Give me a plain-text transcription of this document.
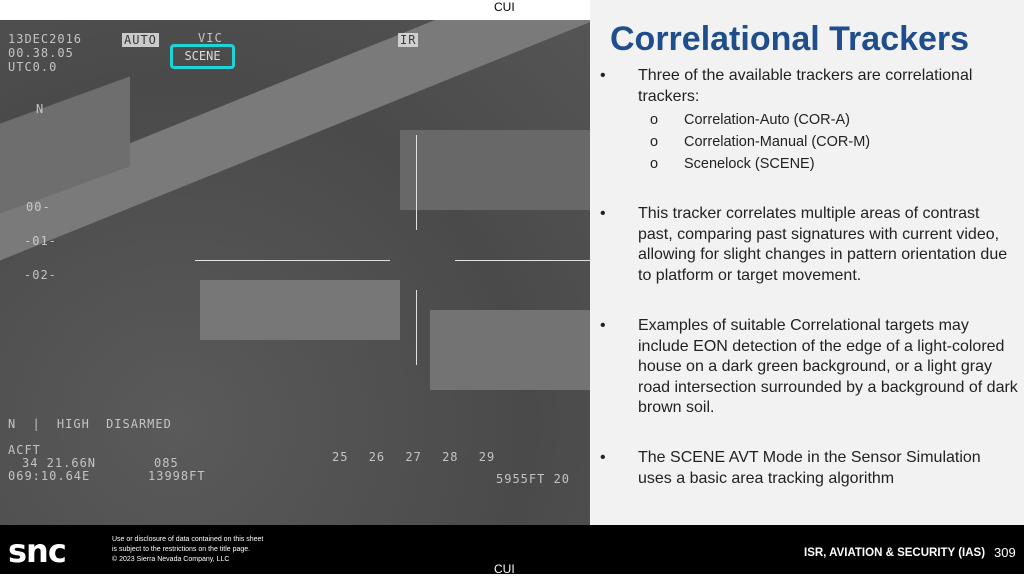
CUI
13DEC2016
00.38.05
UTC0.0
AUTO	VIC
SCENE
IR
N
00-
-01-
-02-
N | HIGH DISARMED
ACFT
34 21.66N
069:10.64E
085
13998FT
25 26 27 28 29
5955FT 20
Correlational Trackers
• Three of the available trackers are correlational trackers:
o Correlation-Auto (COR-A)
o Correlation-Manual (COR-M)
o Scenelock (SCENE)
• This tracker correlates multiple areas of contrast past, comparing past signatures with current video, allowing for slight changes in pattern orientation due to platform or target movement.
• Examples of suitable Correlational targets may include EON detection of the edge of a light-colored house on a dark green background, or a light gray road intersection surrounded by a background of dark brown soil.
• The SCENE AVT Mode in the Sensor Simulation uses a basic area tracking algorithm
snc	Use or disclosure of data contained on this sheet
is subject to the restrictions on the title page.
© 2023 Sierra Nevada Company, LLC
ISR, AVIATION & SECURITY (IAS) 309
CUI
